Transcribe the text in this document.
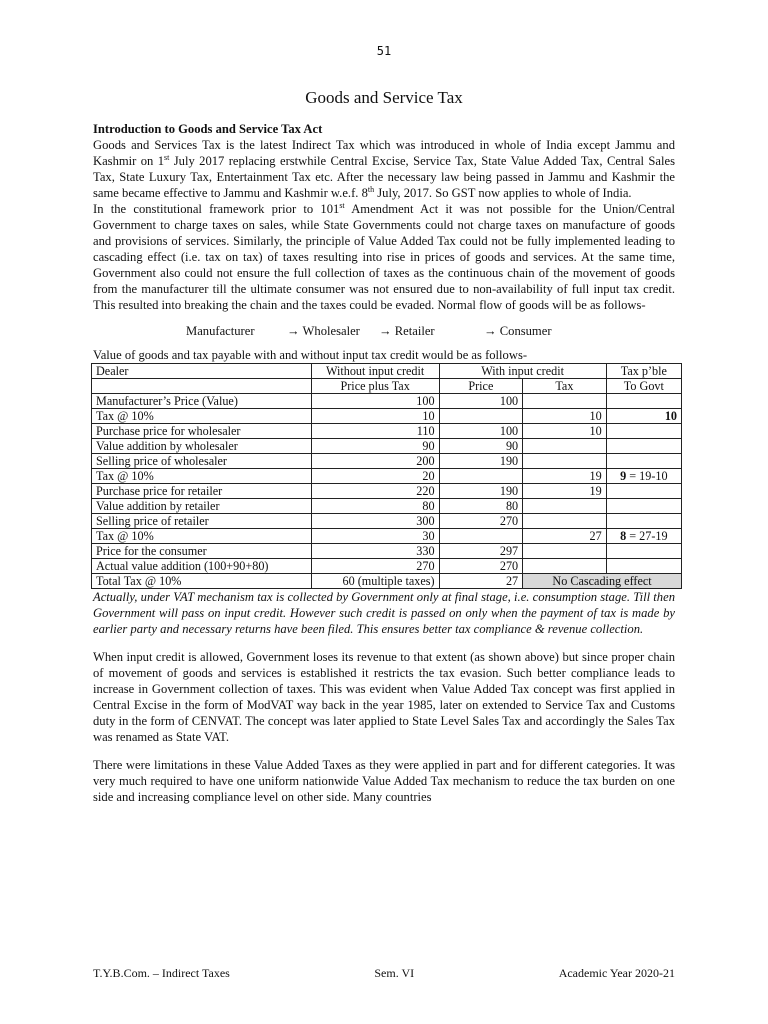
51
Goods and Service Tax
Introduction to Goods and Service Tax Act

Goods and Services Tax is the latest Indirect Tax which was introduced in whole of India except Jammu and Kashmir on 1st July 2017 replacing erstwhile Central Excise, Service Tax, State Value Added Tax, Central Sales Tax, State Luxury Tax, Entertainment Tax etc. After the necessary law being passed in Jammu and Kashmir the same became effective to Jammu and Kashmir w.e.f. 8th July, 2017. So GST now applies to whole of India.

In the constitutional framework prior to 101st Amendment Act it was not possible for the Union/Central Government to charge taxes on sales, while State Governments could not charge taxes on manufacture of goods and provisions of services. Similarly, the principle of Value Added Tax could not be fully implemented leading to cascading effect (i.e. tax on tax) of taxes resulting into rise in prices of goods and services. At the same time, Government also could not ensure the full collection of taxes as the continuous chain of the movement of goods from the manufacturer till the ultimate consumer was not ensured due to non-availability of full input tax credit. This resulted into breaking the chain and the taxes could be evaded. Normal flow of goods will be as follows-

Manufacturer	→ Wholesaler → Retailer	→ Consumer
Value of goods and tax payable with and without input tax credit would be as follows-
Dealer	Without input credit	With input credit		Tax p’ble
	Price plus Tax	Price	Tax	To Govt
Manufacturer’s Price (Value)	100	100		
Tax @ 10%	10		10	10
Purchase price for wholesaler	110	100	10	
Value addition by wholesaler	90	90		
Selling price of wholesaler	200	190		
Tax @ 10%	20		19	9 = 19-10
Purchase price for retailer	220	190	19	
Value addition by retailer	80	80		
Selling price of retailer	300	270		
Tax @ 10%	30		27	8 = 27-19
Price for the consumer	330	297		
Actual value addition (100+90+80)	270	270		
Total Tax @ 10%	60 (multiple taxes)	27	No Cascading effect	

Actually, under VAT mechanism tax is collected by Government only at final stage, i.e. consumption stage. Till then Government will pass on input credit. However such credit is passed on only when the payment of tax is made by earlier party and necessary returns have been filed. This ensures better tax compliance & revenue collection.

When input credit is allowed, Government loses its revenue to that extent (as shown above) but since proper chain of movement of goods and services is established it restricts the tax evasion. Such better compliance leads to increase in Government collection of taxes. This was evident when Value Added Tax concept was first applied in Central Excise in the form of ModVAT way back in the year 1985, later on extended to Service Tax and Customs duty in the form of CENVAT. The concept was later applied to State Level Sales Tax and accordingly the Sales Tax was renamed as State VAT.

There were limitations in these Value Added Taxes as they were applied in part and for different categories. It was very much required to have one uniform nationwide Value Added Tax mechanism to reduce the tax burden on one side and increasing compliance level on other side. Many countries

T.Y.B.Com. – Indirect Taxes	Sem. VI	Academic Year 2020-21
